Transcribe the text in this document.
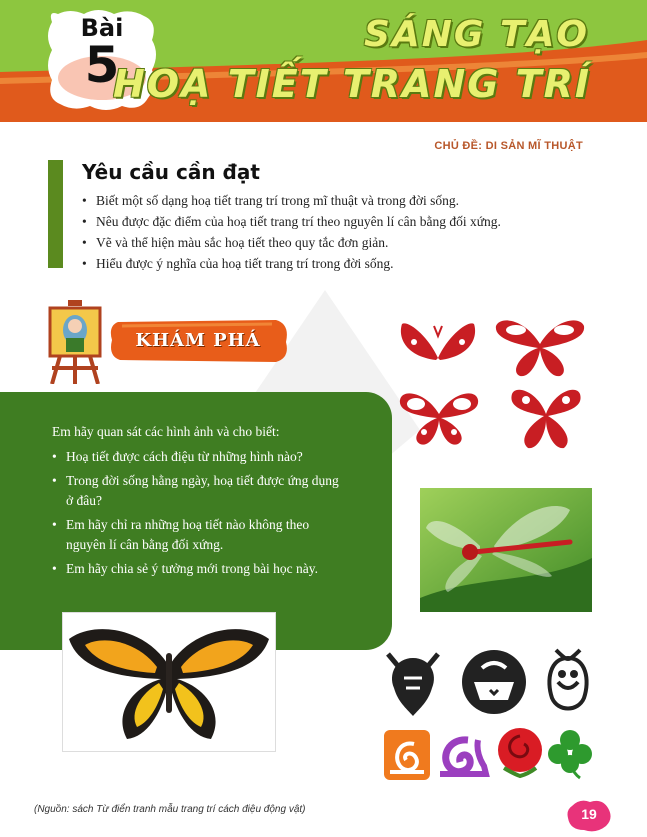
Bài
5
SÁNG TẠO
HOẠ TIẾT TRANG TRÍ
CHỦ ĐỀ: DI SẢN MĨ THUẬT
Yêu cầu cần đạt
• Biết một số dạng hoạ tiết trang trí trong mĩ thuật và trong đời sống.
• Nêu được đặc điểm của hoạ tiết trang trí theo nguyên lí cân bằng đối xứng.
• Vẽ và thể hiện màu sắc hoạ tiết theo quy tắc đơn giản.
• Hiểu được ý nghĩa của hoạ tiết trang trí trong đời sống.
KHÁM PHÁ
Em hãy quan sát các hình ảnh và cho biết:
• Hoạ tiết được cách điệu từ những hình nào?
• Trong đời sống hằng ngày, hoạ tiết được ứng dụng ở đâu?
• Em hãy chỉ ra những hoạ tiết nào không theo nguyên lí cân bằng đối xứng.
• Em hãy chia sẻ ý tưởng mới trong bài học này.
(Nguồn: sách Từ điển tranh mẫu trang trí cách điệu động vật)	19
